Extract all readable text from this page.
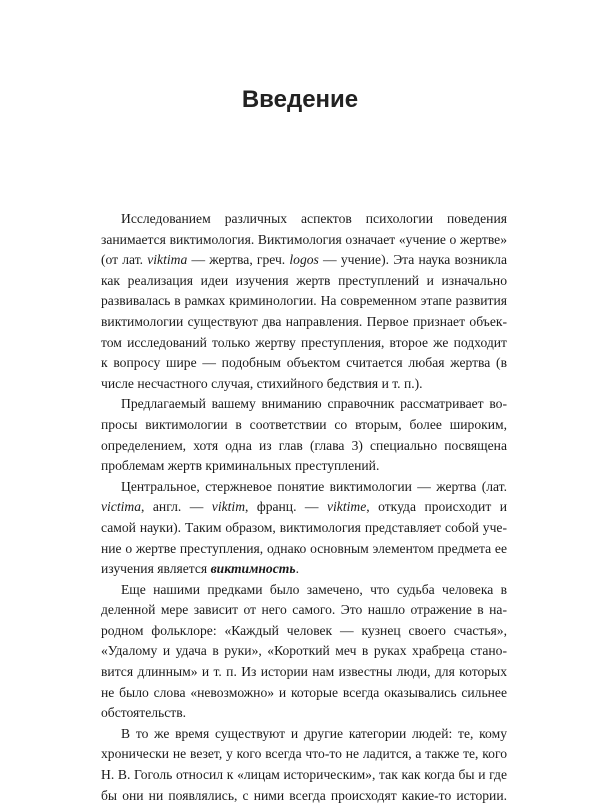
Введение
Исследованием различных аспектов психологии поведения
занимается виктимология. Виктимология означает «учение о жертве»
(от лат. viktima — жертва, греч. logos — учение). Эта наука возникла
как реализация идеи изучения жертв преступлений и изначально
развивалась в рамках криминологии. На современном этапе развития
виктимологии существуют два направления. Первое признает объек-
том исследований только жертву преступления, второе же подходит
к вопросу шире — подобным объектом считается любая жертва (в
числе несчастного случая, стихийного бедствия и т. п.).
Предлагаемый вашему вниманию справочник рассматривает во-
просы виктимологии в соответствии со вторым, более широким,
определением, хотя одна из глав (глава 3) специально посвящена
проблемам жертв криминальных преступлений.
Центральное, стержневое понятие виктимологии — жертва (лат.
victima, англ. — viktim, франц. — viktime, откуда происходит и
самой науки). Таким образом, виктимология представляет собой уче-
ние о жертве преступления, однако основным элементом предмета ее
изучения является виктимность.
Еще нашими предками было замечено, что судьба человека в
деленной мере зависит от него самого. Это нашло отражение в на-
родном фольклоре: «Каждый человек — кузнец своего счастья»,
«Удалому и удача в руки», «Короткий меч в руках храбреца стано-
вится длинным» и т. п. Из истории нам известны люди, для которых
не было слова «невозможно» и которые всегда оказывались сильнее
обстоятельств.
В то же время существуют и другие категории людей: те, кому
хронически не везет, у кого всегда что-то не ладится, а также те, кого
Н. В. Гоголь относил к «лицам историческим», так как когда бы и где
бы они ни появлялись, с ними всегда происходят какие-то истории.
